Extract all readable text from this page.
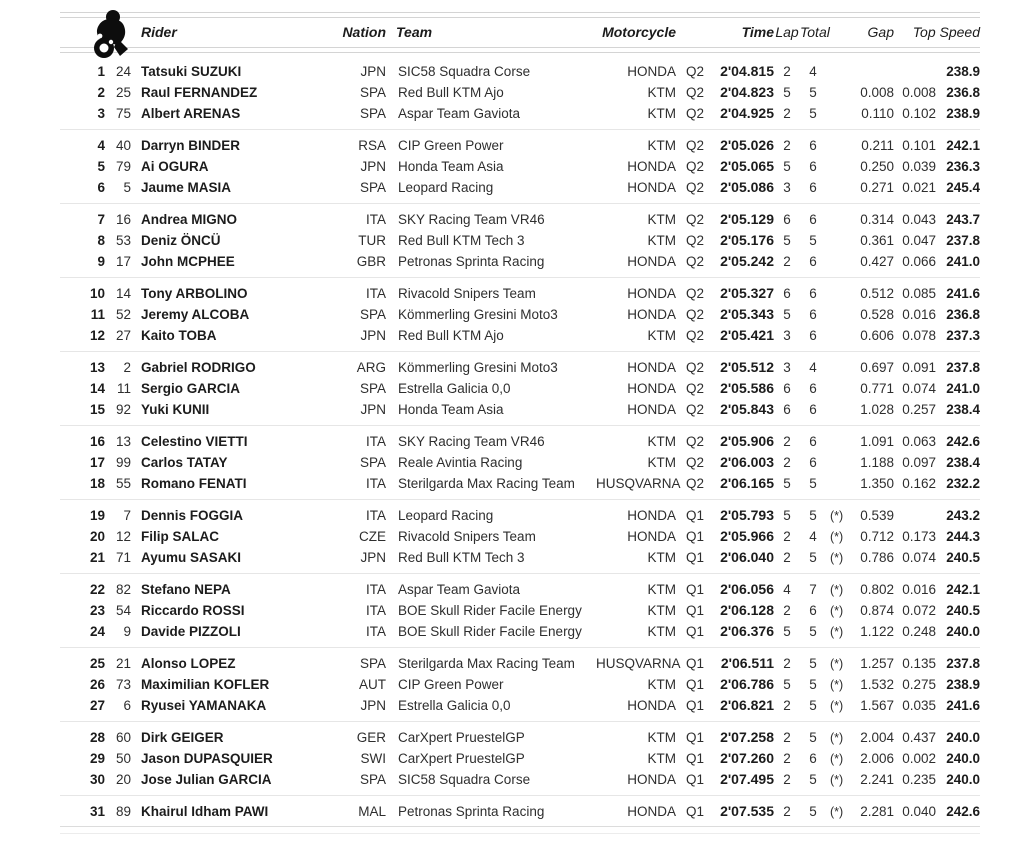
Rider	Nation Team	Motorcycle	Time Lap Total	Gap	Top Speed
1 24 Tatsuki SUZUKI	JPN SIC58 Squadra Corse	HONDA Q2	2'04.815 2	4	238.9
2 25 Raul FERNANDEZ	SPA Red Bull KTM Ajo	KTM Q2	2'04.823 5	5	0.008 0.008 236.8
3 75 Albert ARENAS	SPA Aspar Team Gaviota	KTM Q2	2'04.925 2	5	0.110 0.102 238.9
4 40 Darryn BINDER	RSA CIP Green Power	KTM Q2	2'05.026 2	6	0.211 0.101 242.1
5 79 Ai OGURA	JPN Honda Team Asia	HONDA Q2	2'05.065 5	6	0.250 0.039 236.3
6	5 Jaume MASIA	SPA Leopard Racing	HONDA Q2	2'05.086 3	6	0.271 0.021 245.4
7 16 Andrea MIGNO	ITA SKY Racing Team VR46	KTM Q2	2'05.129 6	6	0.314 0.043 243.7
8 53 Deniz ÖNCÜ	TUR Red Bull KTM Tech 3	KTM Q2	2'05.176 5	5	0.361 0.047 237.8
9 17 John MCPHEE	GBR Petronas Sprinta Racing	HONDA Q2	2'05.242 2	6	0.427 0.066 241.0
10 14 Tony ARBOLINO	ITA Rivacold Snipers Team	HONDA Q2	2'05.327 6	6	0.512 0.085 241.6
11 52 Jeremy ALCOBA	SPA Kömmerling Gresini Moto3	HONDA Q2	2'05.343 5	6	0.528 0.016 236.8
12 27 Kaito TOBA	JPN Red Bull KTM Ajo	KTM Q2	2'05.421 3	6	0.606 0.078 237.3
13	2 Gabriel RODRIGO	ARG Kömmerling Gresini Moto3	HONDA Q2	2'05.512 3	4	0.697 0.091 237.8
14 11 Sergio GARCIA	SPA Estrella Galicia 0,0	HONDA Q2	2'05.586 6	6	0.771 0.074 241.0
15 92 Yuki KUNII	JPN Honda Team Asia	HONDA Q2	2'05.843 6	6	1.028 0.257 238.4
16 13 Celestino VIETTI	ITA SKY Racing Team VR46	KTM Q2	2'05.906 2	6	1.091 0.063 242.6
17 99 Carlos TATAY	SPA Reale Avintia Racing	KTM Q2	2'06.003 2	6	1.188 0.097 238.4
18 55 Romano FENATI	ITA Sterilgarda Max Racing Team	HUSQVARNA Q2	2'06.165 5	5	1.350 0.162 232.2
19	7 Dennis FOGGIA	ITA Leopard Racing	HONDA Q1	2'05.793 5	5	(*)	0.539	243.2
20 12 Filip SALAC	CZE Rivacold Snipers Team	HONDA Q1	2'05.966 2	4	(*)	0.712 0.173 244.3
21 71 Ayumu SASAKI	JPN Red Bull KTM Tech 3	KTM Q1	2'06.040 2	5	(*)	0.786 0.074 240.5
22 82 Stefano NEPA	ITA Aspar Team Gaviota	KTM Q1	2'06.056 4	7	(*)	0.802 0.016 242.1
23 54 Riccardo ROSSI	ITA BOE Skull Rider Facile Energy	KTM Q1	2'06.128 2	6	(*)	0.874 0.072 240.5
24	9 Davide PIZZOLI	ITA BOE Skull Rider Facile Energy	KTM Q1	2'06.376 5	5	(*)	1.122 0.248 240.0
25 21 Alonso LOPEZ	SPA Sterilgarda Max Racing Team	HUSQVARNA Q1	2'06.511 2	5	(*)	1.257 0.135 237.8
26 73 Maximilian KOFLER	AUT CIP Green Power	KTM Q1	2'06.786 5	5	(*)	1.532 0.275 238.9
27	6 Ryusei YAMANAKA	JPN Estrella Galicia 0,0	HONDA Q1	2'06.821 2	5	(*)	1.567 0.035 241.6
28 60 Dirk GEIGER	GER CarXpert PruestelGP	KTM Q1	2'07.258 2	5	(*)	2.004 0.437 240.0
29 50 Jason DUPASQUIER	SWI CarXpert PruestelGP	KTM Q1	2'07.260 2	6	(*)	2.006 0.002 240.0
30 20 Jose Julian GARCIA	SPA SIC58 Squadra Corse	HONDA Q1	2'07.495 2	5	(*)	2.241 0.235 240.0
31 89 Khairul Idham PAWI	MAL Petronas Sprinta Racing	HONDA Q1	2'07.535 2	5	(*)	2.281 0.040 242.6
